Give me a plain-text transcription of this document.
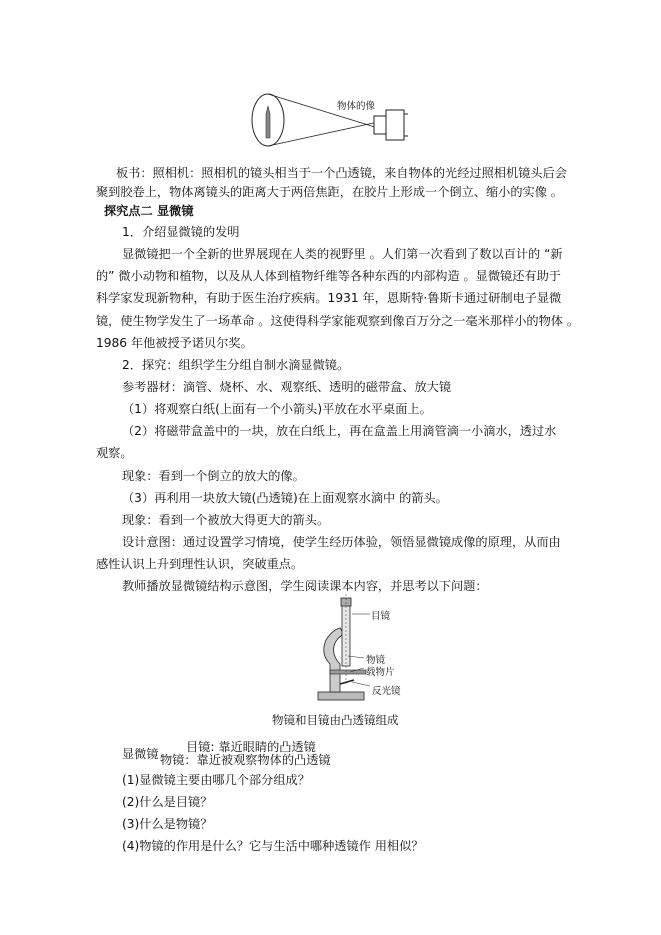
物体的像
板书：照相机：照相机的镜头相当于一个凸透镜，来自物体的光经过照相机镜头后会
聚到胶卷上，物体离镜头的距离大于两倍焦距，在胶片上形成一个倒立、缩小的实像 。
探究点二 显微镜
1．介绍显微镜的发明
显微镜把一个全新的世界展现在人类的视野里 。人们第一次看到了数以百计的 “新
的” 微小动物和植物，以及从人体到植物纤维等各种东西的内部构造 。显微镜还有助于
科学家发现新物种，有助于医生治疗疾病。1931 年，恩斯特·鲁斯卡通过研制电子显微
镜，使生物学发生了一场革命 。这使得科学家能观察到像百万分之一毫米那样小的物体 。
1986 年他被授予诺贝尔奖。
2．探究：组织学生分组自制水滴显微镜。
参考器材：滴管、烧杯、水、观察纸、透明的磁带盒、放大镜
（1）将观察白纸(上面有一个小箭头)平放在水平桌面上。
（2）将磁带盒盖中的一块，放在白纸上，再在盒盖上用滴管滴一小滴水，透过水
观察。
现象：看到一个倒立的放大的像。
（3）再利用一块放大镜(凸透镜)在上面观察水滴中 的箭头。
现象：看到一个被放大得更大的箭头。
设计意图：通过设置学习情境，使学生经历体验，领悟显微镜成像的原理，从而由
感性认识上升到理性认识，突破重点。
教师播放显微镜结构示意图，学生阅读课本内容，并思考以下问题：
目镜
物镜
载物片
反光镜
物镜和目镜由凸透镜组成
目镜: 靠近眼睛的凸透镜
显微镜 物镜：靠近被观察物体的凸透镜
(1)显微镜主要由哪几个部分组成？
(2)什么是目镜？
(3)什么是物镜？
(4)物镜的作用是什么？它与生活中哪种透镜作 用相似？
